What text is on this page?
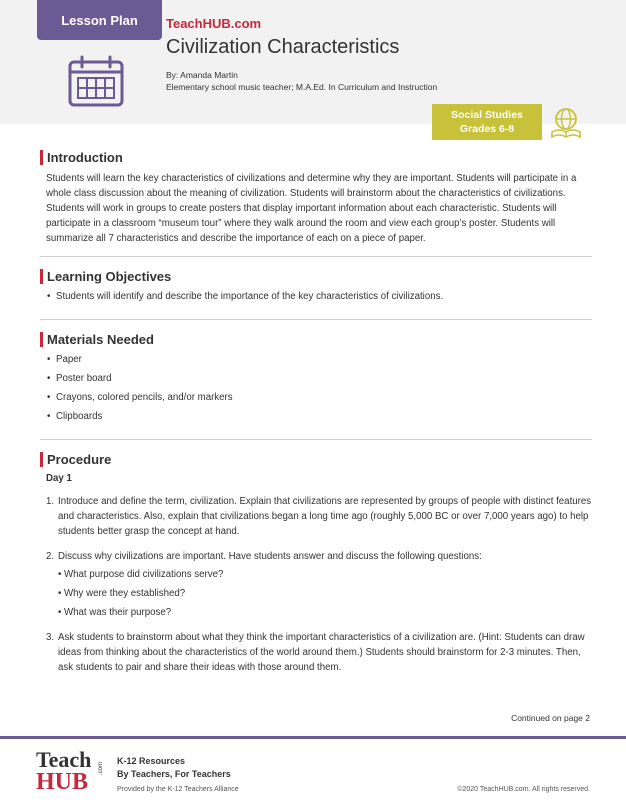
Lesson Plan	TeachHUB.com
Civilization Characteristics
By: Amanda Martin
Elementary school music teacher; M.A.Ed. In Curriculum and Instruction
Social Studies
Grades 6-8
Introduction

Students will learn the key characteristics of civilizations and determine why they are important. Students will participate in a whole class discussion about the meaning of civilization. Students will brainstorm about the characteristics of civilizations. Students will work in groups to create posters that display important information about each characteristic. Students will participate in a classroom “museum tour” where they walk around the room and view each group’s poster. Students will summarize all 7 characteristics and describe the importance of each on a piece of paper.

Learning Objectives
• Students will identify and describe the importance of the key characteristics of civilizations.
Materials Needed
• Paper
• Poster board
• Crayons, colored pencils, and/or markers
• Clipboards
Procedure
Day 1
1. Introduce and define the term, civilization. Explain that civilizations are represented by groups of people with distinct features and characteristics. Also, explain that civilizations began a long time ago (roughly 5,000 BC or over 7,000 years ago) to help students better grasp the concept at hand.
2. Discuss why civilizations are important. Have students answer and discuss the following questions:
• What purpose did civilizations serve?
• Why were they established?
• What was their purpose?
3. Ask students to brainstorm about what they think the important characteristics of a civilization are. (Hint: Students can draw ideas from thinking about the characteristics of the world around them.) Students should brainstorm for 2-3 minutes. Then, ask students to pair and share their ideas with those around them.
Continued on page 2
Teach
HUB
.com
K-12 Resources
By Teachers, For Teachers
Provided by the K-12 Teachers Alliance	©2020 TeachHUB.com. All rights reserved.
